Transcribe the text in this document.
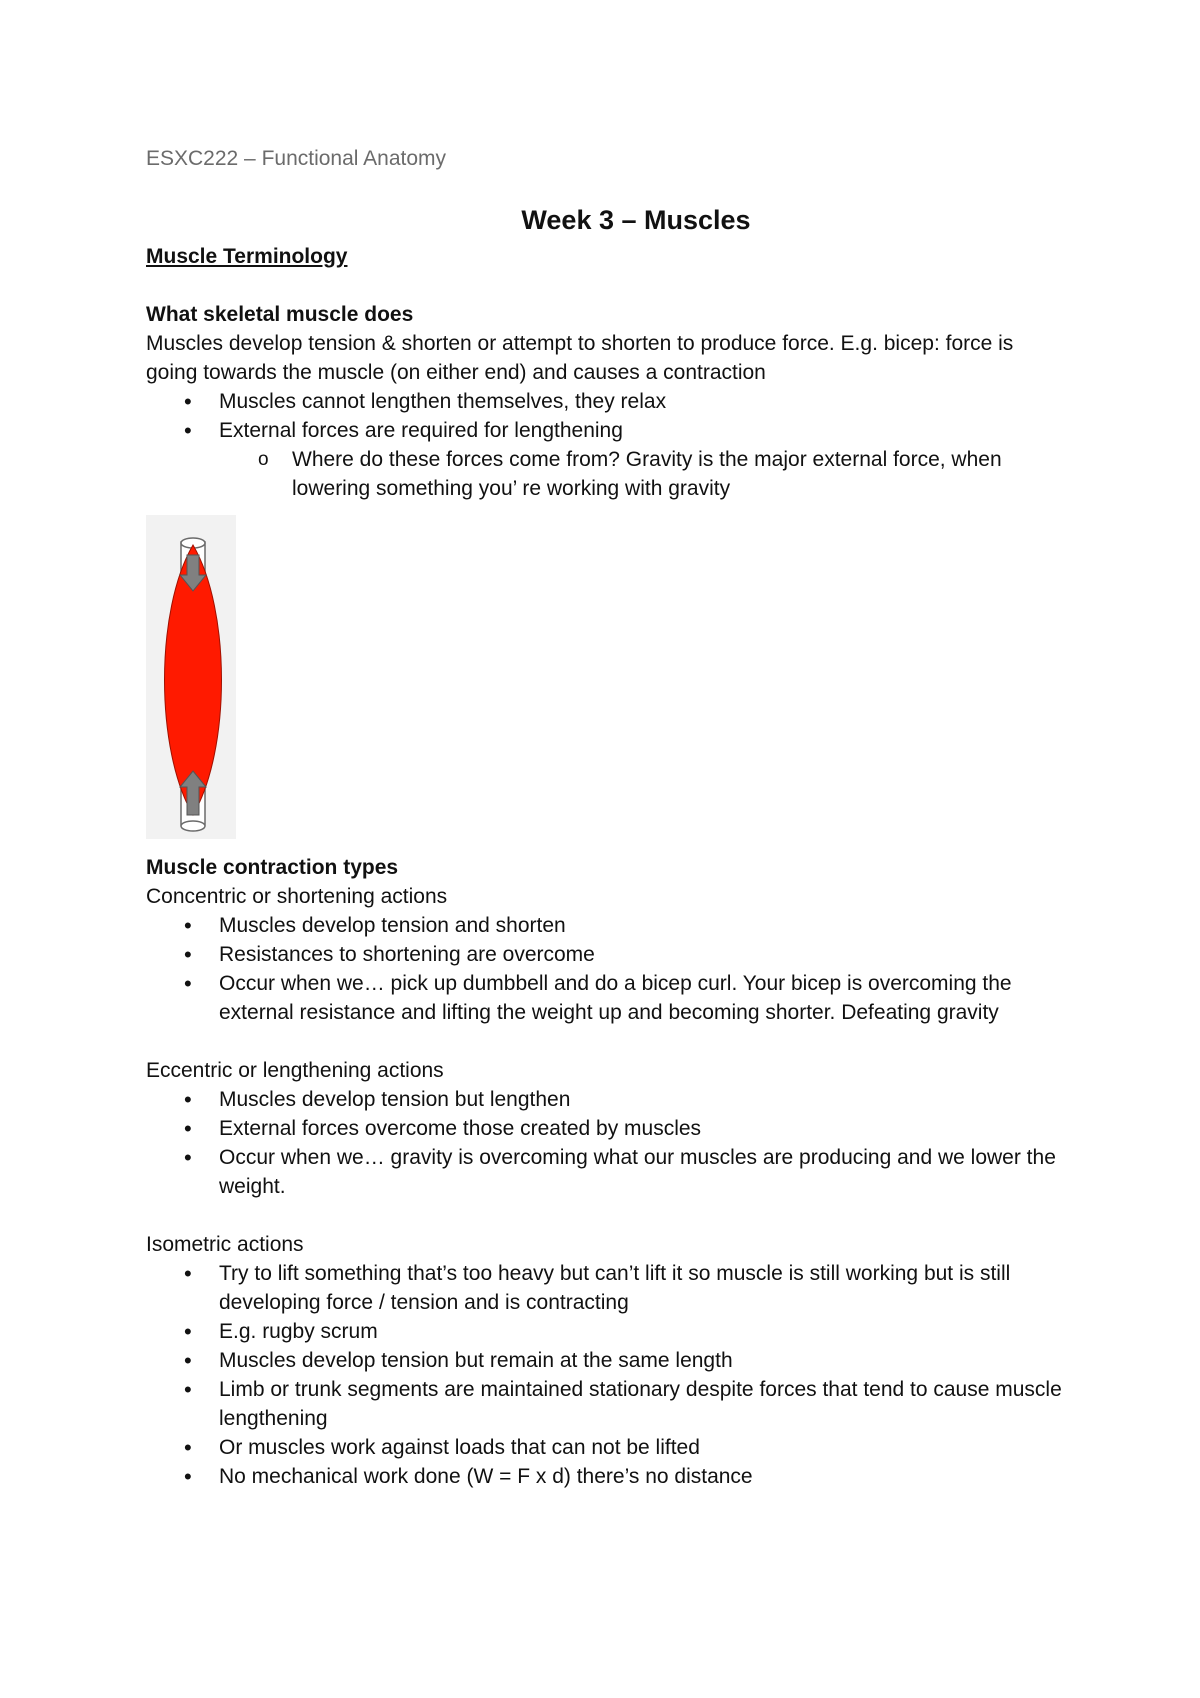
ESXC222 – Functional Anatomy

Week 3 – Muscles

Muscle Terminology

What skeletal muscle does

Muscles develop tension & shorten or attempt to shorten to produce force. E.g. bicep: force is going towards the muscle (on either end) and causes a contraction

• Muscles cannot lengthen themselves, they relax
• External forces are required for lengthening
o Where do these forces come from? Gravity is the major external force, when lowering something you’ re working with gravity

Muscle contraction types

Concentric or shortening actions

• Muscles develop tension and shorten
• Resistances to shortening are overcome
• Occur when we… pick up dumbbell and do a bicep curl. Your bicep is overcoming the external resistance and lifting the weight up and becoming shorter. Defeating gravity

Eccentric or lengthening actions

• Muscles develop tension but lengthen
• External forces overcome those created by muscles
• Occur when we… gravity is overcoming what our muscles are producing and we lower the weight.

Isometric actions

• Try to lift something that’s too heavy but can’t lift it so muscle is still working but is still developing force / tension and is contracting
• E.g. rugby scrum
• Muscles develop tension but remain at the same length
• Limb or trunk segments are maintained stationary despite forces that tend to cause muscle lengthening
• Or muscles work against loads that can not be lifted
• No mechanical work done (W = F x d) there’s no distance
